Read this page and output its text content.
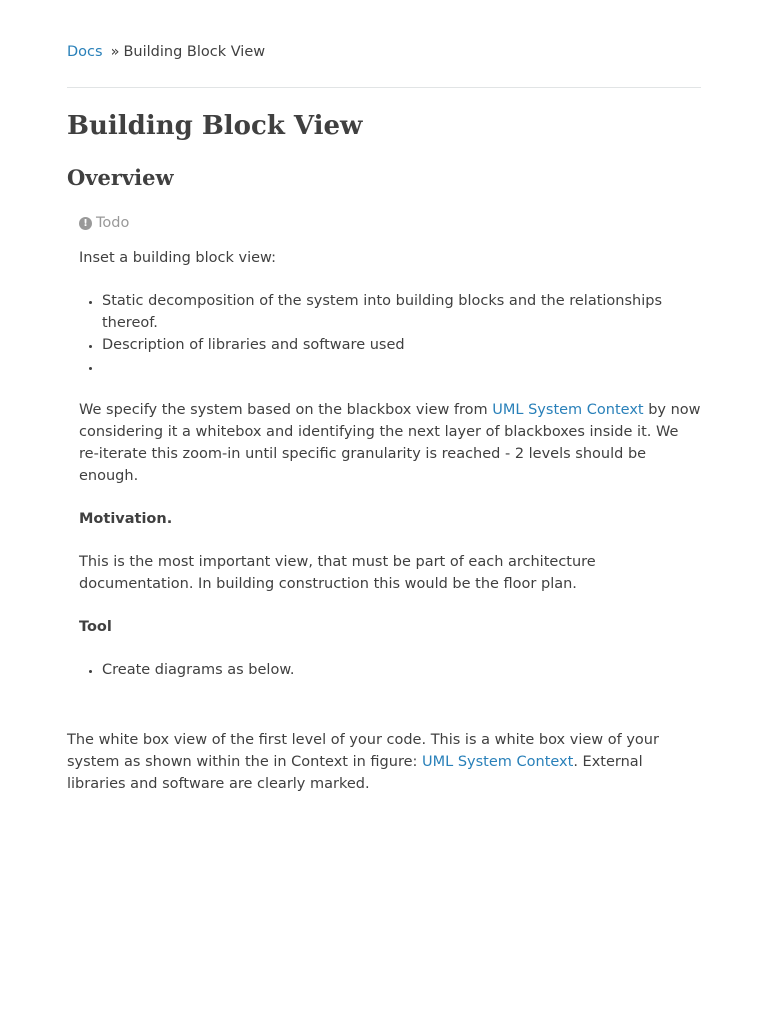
Docs » Building Block View
Building Block View
Overview
! Todo

Inset a building block view:

• Static decomposition of the system into building blocks and the relationships thereof.
• Description of libraries and software used
•

We specify the system based on the blackbox view from UML System Context by now considering it a whitebox and identifying the next layer of blackboxes inside it. We re-iterate this zoom-in until specific granularity is reached - 2 levels should be enough.

Motivation.

This is the most important view, that must be part of each architecture documentation. In building construction this would be the floor plan.

Tool

• Create diagrams as below.

The white box view of the first level of your code. This is a white box view of your system as shown within the in Context in figure: UML System Context. External libraries and software are clearly marked.
